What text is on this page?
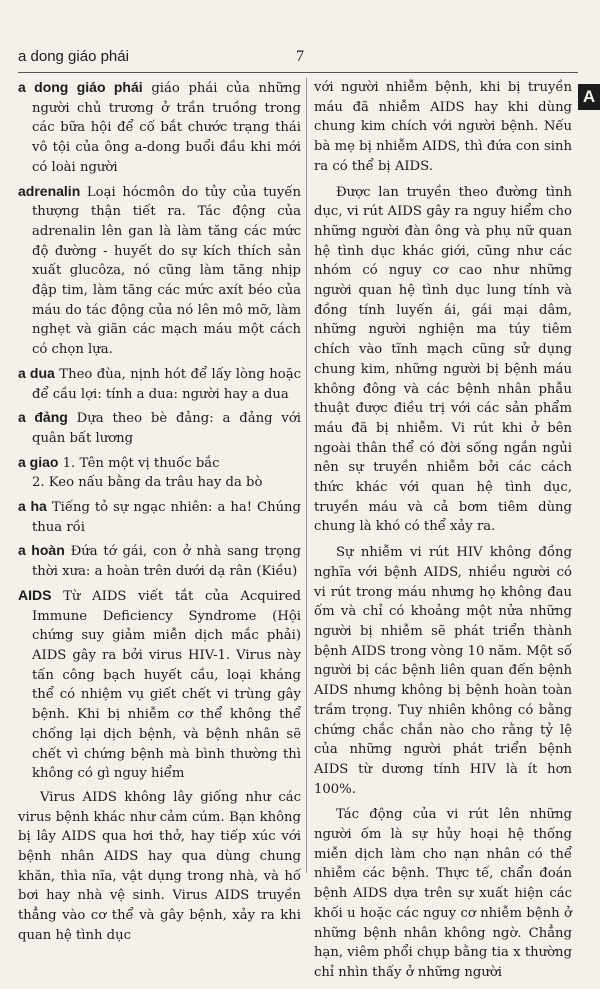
a dong giáo phái	7
A

a dong giáo phái giáo phái của những người chủ trương ở trần truồng trong các bữa hội để cố bắt chước trạng thái vô tội của ông a-dong buổi đầu khi mới có loài người

adrenalin Loại hócmôn do tủy của tuyến thượng thận tiết ra. Tác động của adrenalin lên gan là làm tăng các mức độ đường - huyết do sự kích thích sản xuất glucôza, nó cũng làm tăng nhịp đập tim, làm tăng các mức axít béo của máu do tác động của nó lên mô mỡ, làm nghẹt và giãn các mạch máu một cách có chọn lựa.

a dua Theo đùa, nịnh hót để lấy lòng hoặc để cầu lợi: tính a dua: người hay a dua

a đảng Dựa theo bè đảng: a đảng với quân bất lương

a giao 1. Tên một vị thuốc bắc

2. Keo nấu bằng da trâu hay da bò

a ha Tiếng tỏ sự ngạc nhiên: a ha! Chúng thua rồi

a hoàn Đứa tớ gái, con ở nhà sang trọng thời xưa: a hoàn trên dưới dạ rân (Kiều)

AIDS Từ AIDS viết tắt của Acquired Immune Deficiency Syndrome (Hội chứng suy giảm miễn dịch mắc phải) AIDS gây ra bởi virus HIV-1. Virus này tấn công bạch huyết cầu, loại kháng thể có nhiệm vụ giết chết vi trùng gây bệnh. Khi bị nhiễm cơ thể không thể chống lại dịch bệnh, và bệnh nhân sẽ chết vì chứng bệnh mà bình thường thì không có gì nguy hiểm

Virus AIDS không lây giống như các virus bệnh khác như cảm cúm. Bạn không bị lây AIDS qua hơi thở, hay tiếp xúc với bệnh nhân AIDS hay qua dùng chung khăn, thìa nĩa, vật dụng trong nhà, và hố bơi hay nhà vệ sinh. Virus AIDS truyền thẳng vào cơ thể và gây bệnh, xảy ra khi quan hệ tình dục

với người nhiễm bệnh, khi bị truyền máu đã nhiễm AIDS hay khi dùng chung kim chích với người bệnh. Nếu bà mẹ bị nhiễm AIDS, thì đứa con sinh ra có thể bị AIDS.

Được lan truyền theo đường tình dục, vi rút AIDS gây ra nguy hiểm cho những người đàn ông và phụ nữ quan hệ tình dục khác giới, cũng như các nhóm có nguy cơ cao như những người quan hệ tình dục lung tính và đồng tính luyến ái, gái mại dâm, những người nghiện ma túy tiêm chích vào tĩnh mạch cũng sử dụng chung kim, những người bị bệnh máu không đông và các bệnh nhân phẫu thuật được điều trị với các sản phẩm máu đã bị nhiễm. Vi rút khi ở bên ngoài thân thể có đời sống ngắn ngủi nên sự truyền nhiễm bởi các cách thức khác với quan hệ tình dục, truyền máu và cả bơm tiêm dùng chung là khó có thể xảy ra.

Sự nhiễm vi rút HIV không đồng nghĩa với bệnh AIDS, nhiều người có vi rút trong máu nhưng họ không đau ốm và chỉ có khoảng một nửa những người bị nhiễm sẽ phát triển thành bệnh AIDS trong vòng 10 năm. Một số người bị các bệnh liên quan đến bệnh AIDS nhưng không bị bệnh hoàn toàn trầm trọng. Tuy nhiên không có bằng chứng chắc chắn nào cho rằng tỷ lệ của những người phát triển bệnh AIDS từ dương tính HIV là ít hơn 100%.

Tác động của vi rút lên những người ốm là sự hủy hoại hệ thống miễn dịch làm cho nạn nhân có thể nhiễm các bệnh. Thực tế, chẩn đoán bệnh AIDS dựa trên sự xuất hiện các khối u hoặc các nguy cơ nhiễm bệnh ở những bệnh nhân không ngờ. Chẳng hạn, viêm phổi chụp bằng tia x thường chỉ nhìn thấy ở những người
